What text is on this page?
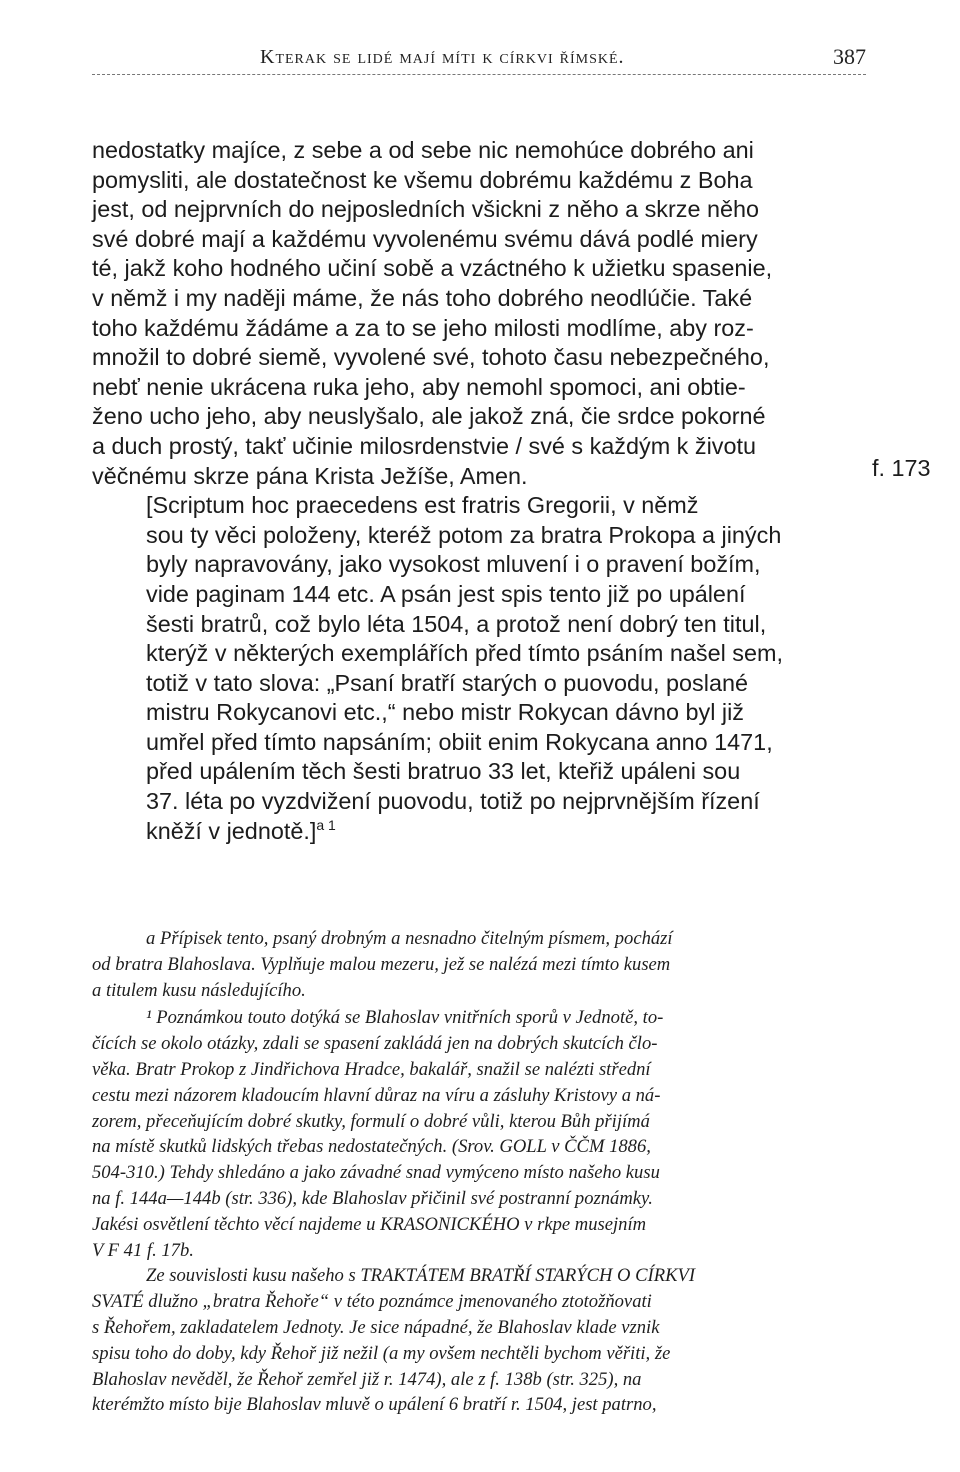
Kterak se lidé mají míti k církvi římské.	387
nedostatky majíce, z sebe a od sebe nic nemohúce dobrého ani
pomysliti, ale dostatečnost ke všemu dobrému každému z Boha
jest, od nejprvních do nejposledních všickni z něho a skrze něho
své dobré mají a každému vyvolenému svému dává podlé miery
té, jakž koho hodného učiní sobě a vzáctného k užietku spasenie,
v němž i my naději máme, že nás toho dobrého neodlúčie. Také
toho každému žádáme a za to se jeho milosti modlíme, aby roz-
množil to dobré siemě, vyvolené své, tohoto času nebezpečného,
nebť nenie ukrácena ruka jeho, aby nemohl spomoci, ani obtie-
ženo ucho jeho, aby neuslyšalo, ale jakož zná, čie srdce pokorné
a duch prostý, takť učinie milosrdenstvie / své s každým k životu
věčnému skrze pána Krista Ježíše, Amen.
[Scriptum hoc praecedens est fratris Gregorii, v němž
sou ty věci položeny, kteréž potom za bratra Prokopa a jiných
byly napravovány, jako vysokost mluvení i o pravení božím,
vide paginam 144 etc. A psán jest spis tento již po upálení
šesti bratrů, což bylo léta 1504, a protož není dobrý ten titul,
kterýž v některých exemplářích před tímto psáním našel sem,
totiž v tato slova: „Psaní bratří starých o puovodu, poslané
mistru Rokycanovi etc.,“ nebo mistr Rokycan dávno byl již
umřel před tímto napsáním; obiit enim Rokycana anno 1471,
před upálením těch šesti bratruo 33 let, kteřiž upáleni sou
37. léta po vyzdvižení puovodu, totiž po nejprvnějším řízení
kněží v jednotě.]$^{a 1}$
f. 173
a Přípisek tento, psaný drobným a nesnadno čitelným písmem, pochází
od bratra Blahoslava. Vyplňuje malou mezeru, jež se nalézá mezi tímto kusem
a titulem kusu následujícího.
¹ Poznámkou touto dotýká se Blahoslav vnitřních sporů v Jednotě, to-
čících se okolo otázky, zdali se spasení zakládá jen na dobrých skutcích člo-
věka. Bratr Prokop z Jindřichova Hradce, bakalář, snažil se nalézti střední
cestu mezi názorem kladoucím hlavní důraz na víru a zásluhy Kristovy a ná-
zorem, přeceňujícím dobré skutky, formulí o dobré vůli, kterou Bůh přijímá
na místě skutků lidských třebas nedostatečných. (Srov. GOLL v ČČM 1886,
504-310.) Tehdy shledáno a jako závadné snad vymýceno místo našeho kusu
na f. 144a—144b (str. 336), kde Blahoslav přičinil své postranní poznámky.
Jakési osvětlení těchto věcí najdeme u KRASONICKÉHO v rkpe musejním
V F 41 f. 17b.
Ze souvislosti kusu našeho s TRAKTÁTEM BRATŘÍ STARÝCH O CÍRKVI
SVATÉ dlužno „bratra Řehoře“ v této poznámce jmenovaného ztotožňovati
s Řehořem, zakladatelem Jednoty. Je sice nápadné, že Blahoslav klade vznik
spisu toho do doby, kdy Řehoř již nežil (a my ovšem nechtěli bychom věřiti, že
Blahoslav nevěděl, že Řehoř zemřel již r. 1474), ale z f. 138b (str. 325), na
kterémžto místo bije Blahoslav mluvě o upálení 6 bratří r. 1504, jest patrno,
